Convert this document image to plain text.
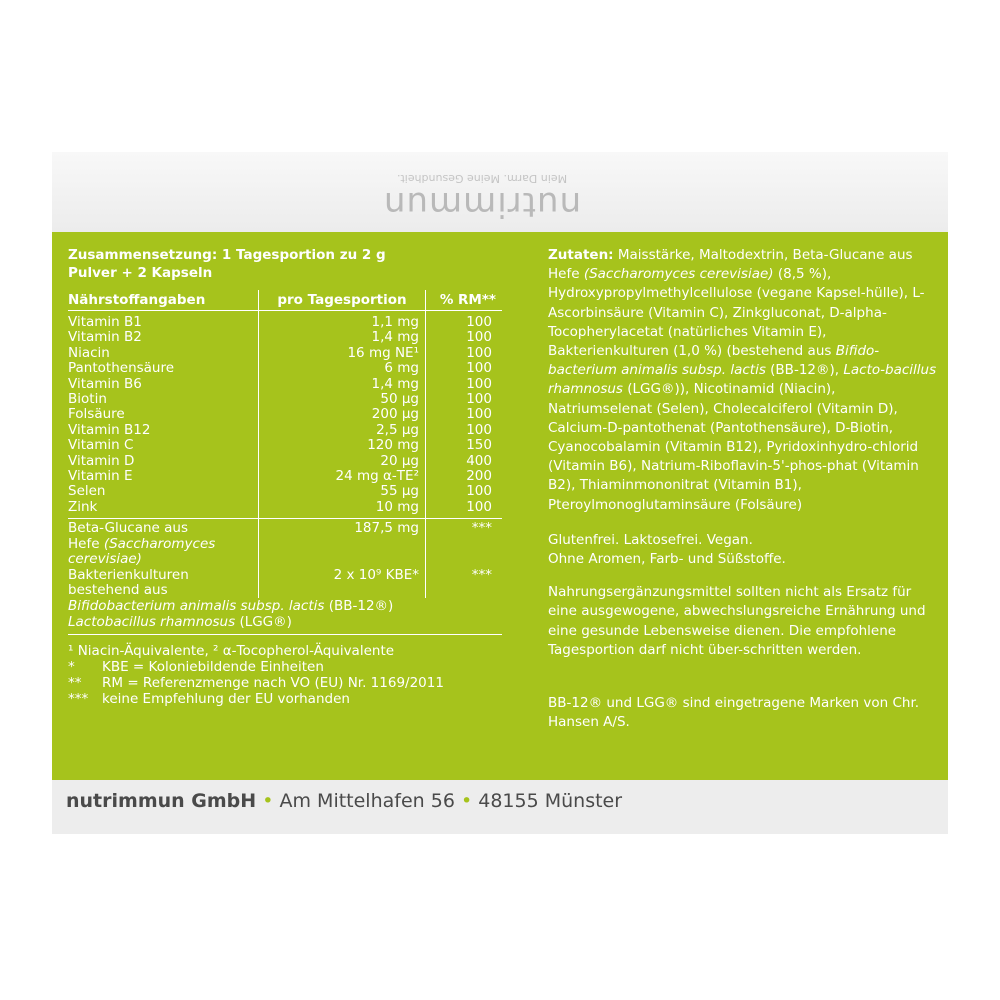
nutrimmun
Mein Darm. Meine Gesundheit.
Zusammensetzung: 1 Tagesportion zu 2 g Pulver + 2 Kapseln
Nährstoffangaben	pro Tagesportion	% RM**
Vitamin B1	1,1 mg	100
Vitamin B2	1,4 mg	100
Niacin	16 mg NE¹	100
Pantothensäure	6 mg	100
Vitamin B6	1,4 mg	100
Biotin	50 µg	100
Folsäure	200 µg	100
Vitamin B12	2,5 µg	100
Vitamin C	120 mg	150
Vitamin D	20 µg	400
Vitamin E	24 mg α-TE²	200
Selen	55 µg	100
Zink	10 mg	100
Beta-Glucane aus
Hefe (Saccharomyces
cerevisiae)	187,5 mg	***
Bakterienkulturen
bestehend aus	2 x 10⁹ KBE*	***
Bifidobacterium animalis subsp. lactis (BB-12®)
Lactobacillus rhamnosus (LGG®)
¹ Niacin-Äquivalente, ² α-Tocopherol-Äquivalente
* KBE = Koloniebildende Einheiten
** RM = Referenzmenge nach VO (EU) Nr. 1169/2011
*** keine Empfehlung der EU vorhanden

Zutaten: Maisstärke, Maltodextrin, Beta-Glucane aus Hefe (Saccharomyces cerevisiae) (8,5 %), Hydroxypropylmethylcellulose (vegane Kapsel-hülle), L-Ascorbinsäure (Vitamin C), Zinkgluconat, D-alpha-Tocopherylacetat (natürliches Vitamin E), Bakterienkulturen (1,0 %) (bestehend aus Bifido-bacterium animalis subsp. lactis (BB-12®), Lacto-bacillus rhamnosus (LGG®)), Nicotinamid (Niacin), Natriumselenat (Selen), Cholecalciferol (Vitamin D), Calcium-D-pantothenat (Pantothensäure), D-Biotin, Cyanocobalamin (Vitamin B12), Pyridoxinhydro-chlorid (Vitamin B6), Natrium-Riboflavin-5'-phos-phat (Vitamin B2), Thiaminmononitrat (Vitamin B1), Pteroylmonoglutaminsäure (Folsäure)

Glutenfrei. Laktosefrei. Vegan.
Ohne Aromen, Farb- und Süßstoffe.

Nahrungsergänzungsmittel sollten nicht als Ersatz für eine ausgewogene, abwechslungsreiche Ernährung und eine gesunde Lebensweise dienen. Die empfohlene Tagesportion darf nicht über-schritten werden.

BB-12® und LGG® sind eingetragene Marken von Chr. Hansen A/S.

nutrimmun GmbH • Am Mittelhafen 56 • 48155 Münster
